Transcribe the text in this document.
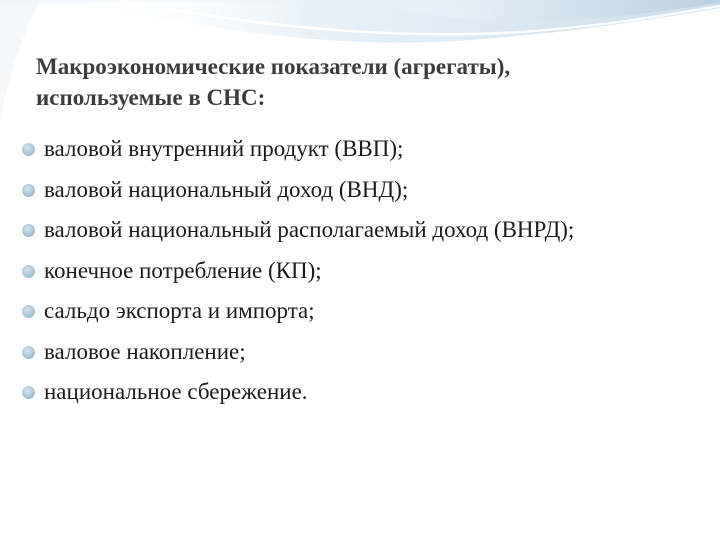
Макроэкономические показатели (агрегаты),
используемые в СНС:
валовой внутренний продукт (ВВП);
валовой национальный доход (ВНД);
валовой национальный располагаемый доход (ВНРД);
конечное потребление (КП);
сальдо экспорта и импорта;
валовое накопление;
национальное сбережение.
